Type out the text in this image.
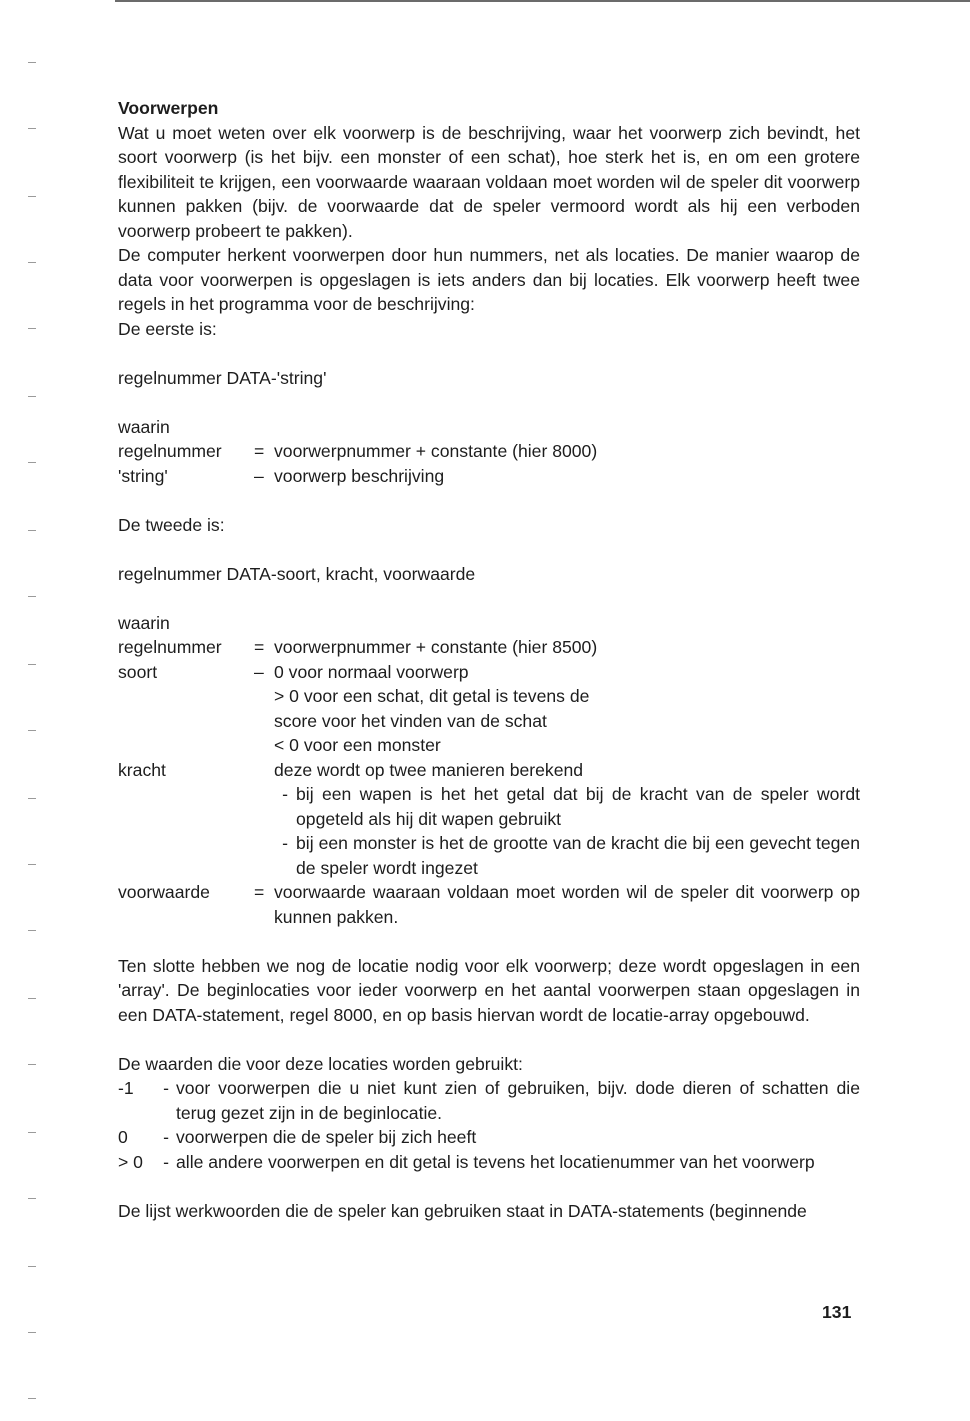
Voorwerpen

Wat u moet weten over elk voorwerp is de beschrijving, waar het voorwerp zich bevindt, het soort voorwerp (is het bijv. een monster of een schat), hoe sterk het is, en om een grotere flexibiliteit te krijgen, een voorwaarde waaraan voldaan moet worden wil de speler dit voorwerp kunnen pakken (bijv. de voorwaarde dat de speler vermoord wordt als hij een verboden voorwerp probeert te pakken).

De computer herkent voorwerpen door hun nummers, net als locaties. De manier waarop de data voor voorwerpen is opgeslagen is iets anders dan bij locaties. Elk voorwerp heeft twee regels in het programma voor de beschrijving:

De eerste is:

regelnummer DATA-'string'

waarin

regelnummer	= voorwerpnummer + constante (hier 8000)
'string'	– voorwerp beschrijving

De tweede is:

regelnummer DATA-soort, kracht, voorwaarde

waarin

regelnummer	= voorwerpnummer + constante (hier 8500)
soort	– 0 voor normaal voorwerp

> 0 voor een schat, dit getal is tevens de

score voor het vinden van de schat

< 0 voor een monster

kracht	deze wordt op twee manieren berekend
- bij een wapen is het het getal dat bij de kracht van de speler wordt opgeteld als hij dit wapen gebruikt
- bij een monster is het de grootte van de kracht die bij een gevecht tegen de speler wordt ingezet
voorwaarde	= voorwaarde waaraan voldaan moet worden wil de speler dit voorwerp op kunnen pakken.

Ten slotte hebben we nog de locatie nodig voor elk voorwerp; deze wordt opgeslagen in een 'array'. De beginlocaties voor ieder voorwerp en het aantal voorwerpen staan opgeslagen in een DATA-statement, regel 8000, en op basis hiervan wordt de locatie-array opgebouwd.

De waarden die voor deze locaties worden gebruikt:

-1	- voor voorwerpen die u niet kunt zien of gebruiken, bijv. dode dieren of schatten die terug gezet zijn in de beginlocatie.
0	- voorwerpen die de speler bij zich heeft
> 0	- alle andere voorwerpen en dit getal is tevens het locatienummer van het voorwerp

De lijst werkwoorden die de speler kan gebruiken staat in DATA-statements (beginnende

131
